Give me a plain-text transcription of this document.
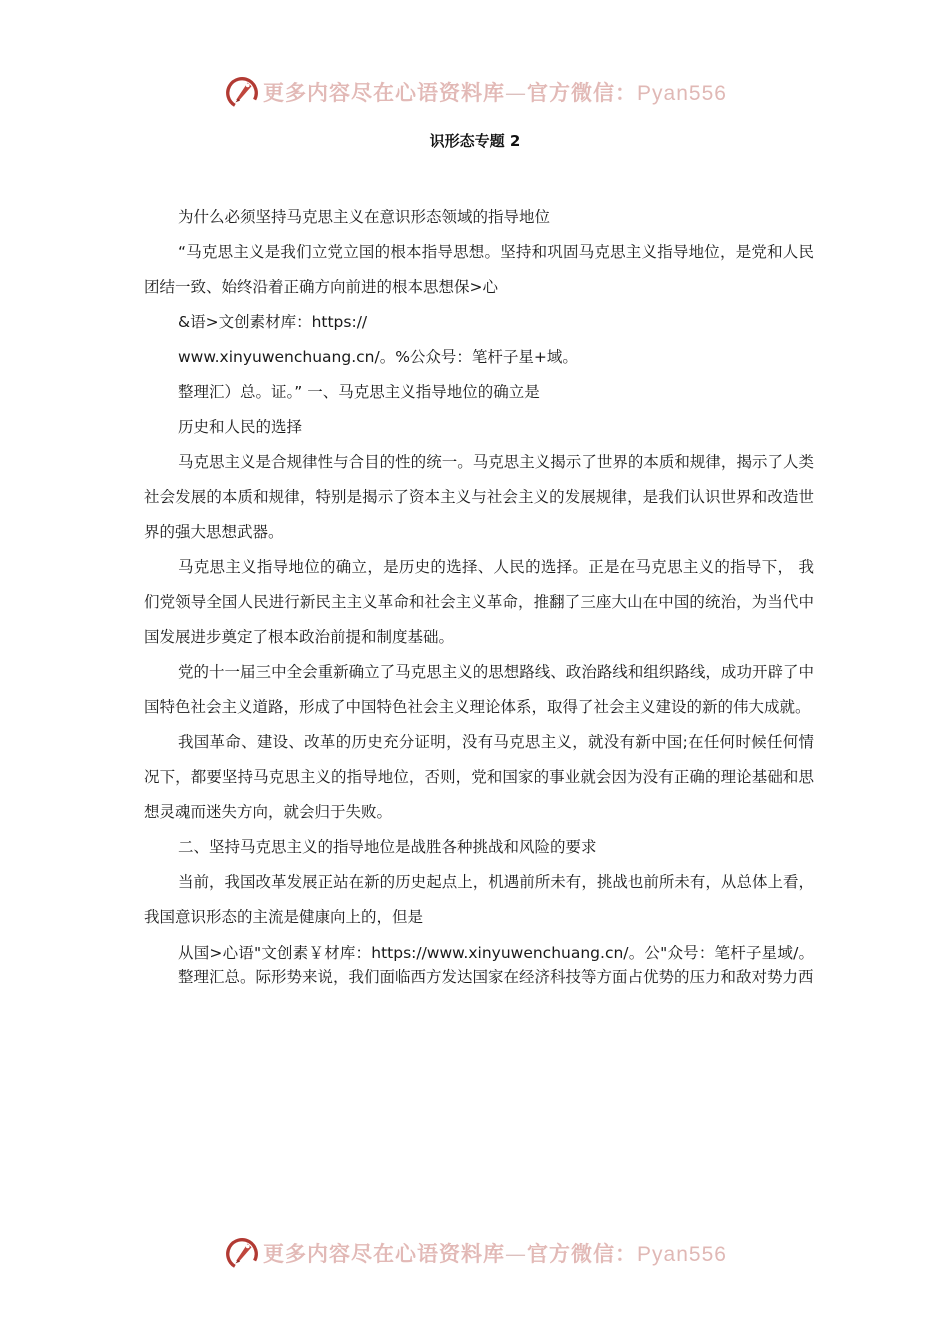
更多内容尽在心语资料库—官方微信：Pyan556
识形态专题 2

为什么必须坚持马克思主义在意识形态领域的指导地位

“马克思主义是我们立党立国的根本指导思想。坚持和巩固马克思主义指导地位，是党和人民团结一致、始终沿着正确方向前进的根本思想保>心

&语>文创素材库：https://

www.xinyuwenchuang.cn/。%公众号：笔杆子星+域。

整理汇）总。证。” 一、马克思主义指导地位的确立是

历史和人民的选择

马克思主义是合规律性与合目的性的统一。马克思主义揭示了世界的本质和规律，揭示了人类社会发展的本质和规律，特别是揭示了资本主义与社会主义的发展规律，是我们认识世界和改造世界的强大思想武器。

马克思主义指导地位的确立，是历史的选择、人民的选择。正是在马克思主义的指导下， 我们党领导全国人民进行新民主主义革命和社会主义革命，推翻了三座大山在中国的统治，为当代中国发展进步奠定了根本政治前提和制度基础。

党的十一届三中全会重新确立了马克思主义的思想路线、政治路线和组织路线，成功开辟了中国特色社会主义道路，形成了中国特色社会主义理论体系，取得了社会主义建设的新的伟大成就。

我国革命、建设、改革的历史充分证明，没有马克思主义，就没有新中国;在任何时候任何情况下，都要坚持马克思主义的指导地位，否则，党和国家的事业就会因为没有正确的理论基础和思想灵魂而迷失方向，就会归于失败。

二、坚持马克思主义的指导地位是战胜各种挑战和风险的要求

当前，我国改革发展正站在新的历史起点上，机遇前所未有，挑战也前所未有，从总体上看，我国意识形态的主流是健康向上的，但是

从国>心语"文创素￥材库：https://www.xinyuwenchuang.cn/。公"众号：笔杆子星域/。整理汇总。际形势来说，我们面临西方发达国家在经济科技等方面占优势的压力和敌对势力西

更多内容尽在心语资料库—官方微信：Pyan556
